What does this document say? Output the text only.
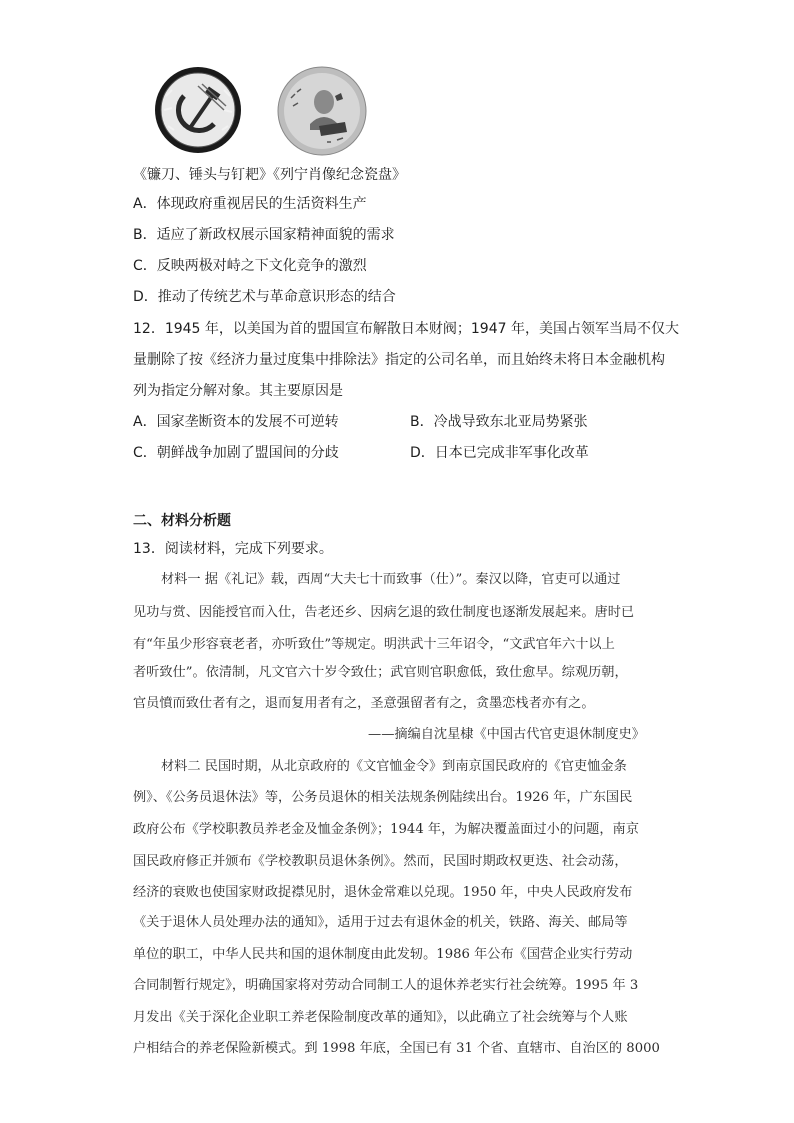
《镰刀、锤头与钉耙》《列宁肖像纪念瓷盘》
A．体现政府重视居民的生活资料生产
B．适应了新政权展示国家精神面貌的需求
C．反映两极对峙之下文化竞争的激烈
D．推动了传统艺术与革命意识形态的结合
12．1945 年，以美国为首的盟国宣布解散日本财阀；1947 年，美国占领军当局不仅大
量删除了按《经济力量过度集中排除法》指定的公司名单，而且始终未将日本金融机构
列为指定分解对象。其主要原因是
A．国家垄断资本的发展不可逆转	B．冷战导致东北亚局势紧张
C．朝鲜战争加剧了盟国间的分歧	D．日本已完成非军事化改革
二、材料分析题
13．阅读材料，完成下列要求。
材料一 据《礼记》载，西周“大夫七十而致事（仕）”。秦汉以降，官吏可以通过
见功与赏、因能授官而入仕，告老还乡、因病乞退的致仕制度也逐渐发展起来。唐时已
有“年虽少形容衰老者，亦听致仕”等规定。明洪武十三年诏令，“文武官年六十以上
者听致仕”。依清制，凡文官六十岁令致仕；武官则官职愈低，致仕愈早。综观历朝，
官员憤而致仕者有之，退而复用者有之，圣意强留者有之，贪墨恋栈者亦有之。
——摘编自沈星棣《中国古代官吏退休制度史》
材料二 民国时期，从北京政府的《文官恤金令》到南京国民政府的《官吏恤金条
例》、《公务员退休法》等，公务员退休的相关法规条例陆续出台。1926 年，广东国民
政府公布《学校职教员养老金及恤金条例》；1944 年，为解决覆盖面过小的问题，南京
国民政府修正并颁布《学校教职员退休条例》。然而，民国时期政权更迭、社会动荡，
经济的衰败也使国家财政捉襟见肘，退休金常难以兑现。1950 年，中央人民政府发布
《关于退休人员处理办法的通知》，适用于过去有退休金的机关，铁路、海关、邮局等
单位的职工，中华人民共和国的退休制度由此发轫。1986 年公布《国营企业实行劳动
合同制暂行规定》，明确国家将对劳动合同制工人的退休养老实行社会统筹。1995 年 3
月发出《关于深化企业职工养老保险制度改革的通知》，以此确立了社会统筹与个人账
户相结合的养老保险新模式。到 1998 年底，全国已有 31 个省、直辖市、自治区的 8000
